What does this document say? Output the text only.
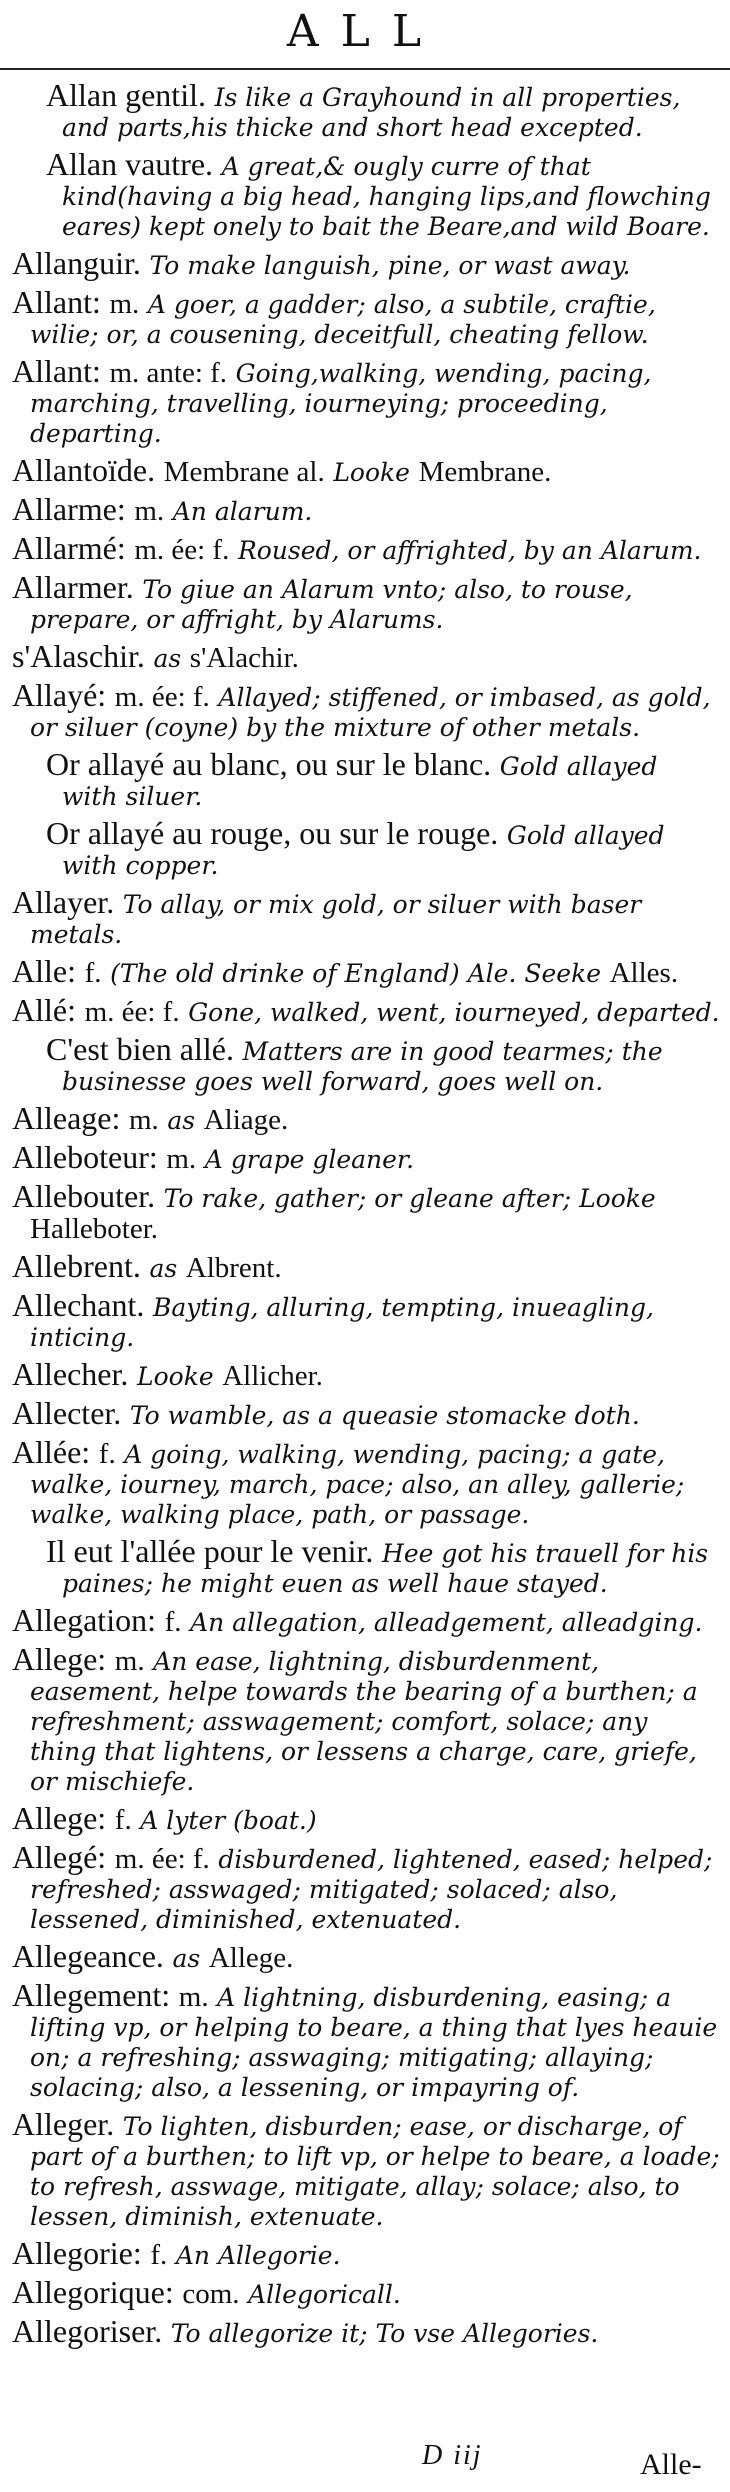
ALL
Allan gentil. Is like a Grayhound in all properties, and parts,his thicke and short head excepted.
Allan vautre. A great,& ougly curre of that kind(having a big head, hanging lips,and flowching eares) kept onely to bait the Beare,and wild Boare.
Allanguir. To make languish, pine, or wast away.
Allant: m. A goer, a gadder; also, a subtile, craftie, wilie; or, a cousening, deceitfull, cheating fellow.
Allant: m. ante: f. Going,walking, wending, pacing, marching, travelling, iourneying; proceeding, departing.
Allantoïde. Membrane al. Looke Membrane.
Allarme: m. An alarum.
Allarmé: m. ée: f. Roused, or affrighted, by an Alarum.
Allarmer. To giue an Alarum vnto; also, to rouse, prepare, or affright, by Alarums.
s'Alaschir. as s'Alachir.
Allayé: m. ée: f. Allayed; stiffened, or imbased, as gold, or siluer (coyne) by the mixture of other metals.
Or allayé au blanc, ou sur le blanc. Gold allayed with siluer.
Or allayé au rouge, ou sur le rouge. Gold allayed with copper.
Allayer. To allay, or mix gold, or siluer with baser metals.
Alle: f. (The old drinke of England) Ale. Seeke Alles.
Allé: m. ée: f. Gone, walked, went, iourneyed, departed.
C'est bien allé. Matters are in good tearmes; the businesse goes well forward, goes well on.
Alleage: m. as Aliage.
Alleboteur: m. A grape gleaner.
Allebouter. To rake, gather; or gleane after; Looke Halleboter.
Allebrent. as Albrent.
Allechant. Bayting, alluring, tempting, inueagling, inticing.
Allecher. Looke Allicher.
Allecter. To wamble, as a queasie stomacke doth.
Allée: f. A going, walking, wending, pacing; a gate, walke, iourney, march, pace; also, an alley, gallerie; walke, walking place, path, or passage.
Il eut l'allée pour le venir. Hee got his trauell for his paines; he might euen as well haue stayed.
Allegation: f. An allegation, alleadgement, alleadging.
Allege: m. An ease, lightning, disburdenment, easement, helpe towards the bearing of a burthen; a refreshment; asswagement; comfort, solace; any thing that lightens, or lessens a charge, care, griefe, or mischiefe.
Allege: f. A lyter (boat.)
Allegé: m. ée: f. disburdened, lightened, eased; helped; refreshed; asswaged; mitigated; solaced; also, lessened, diminished, extenuated.
Allegeance. as Allege.
Allegement: m. A lightning, disburdening, easing; a lifting vp, or helping to beare, a thing that lyes heauie on; a refreshing; asswaging; mitigating; allaying; solacing; also, a lessening, or impayring of.
Alleger. To lighten, disburden; ease, or discharge, of part of a burthen; to lift vp, or helpe to beare, a loade; to refresh, asswage, mitigate, allay; solace; also, to lessen, diminish, extenuate.
Allegorie: f. An Allegorie.
Allegorique: com. Allegoricall.
Allegoriser. To allegorize it; To vse Allegories.
D iij	Alle-
